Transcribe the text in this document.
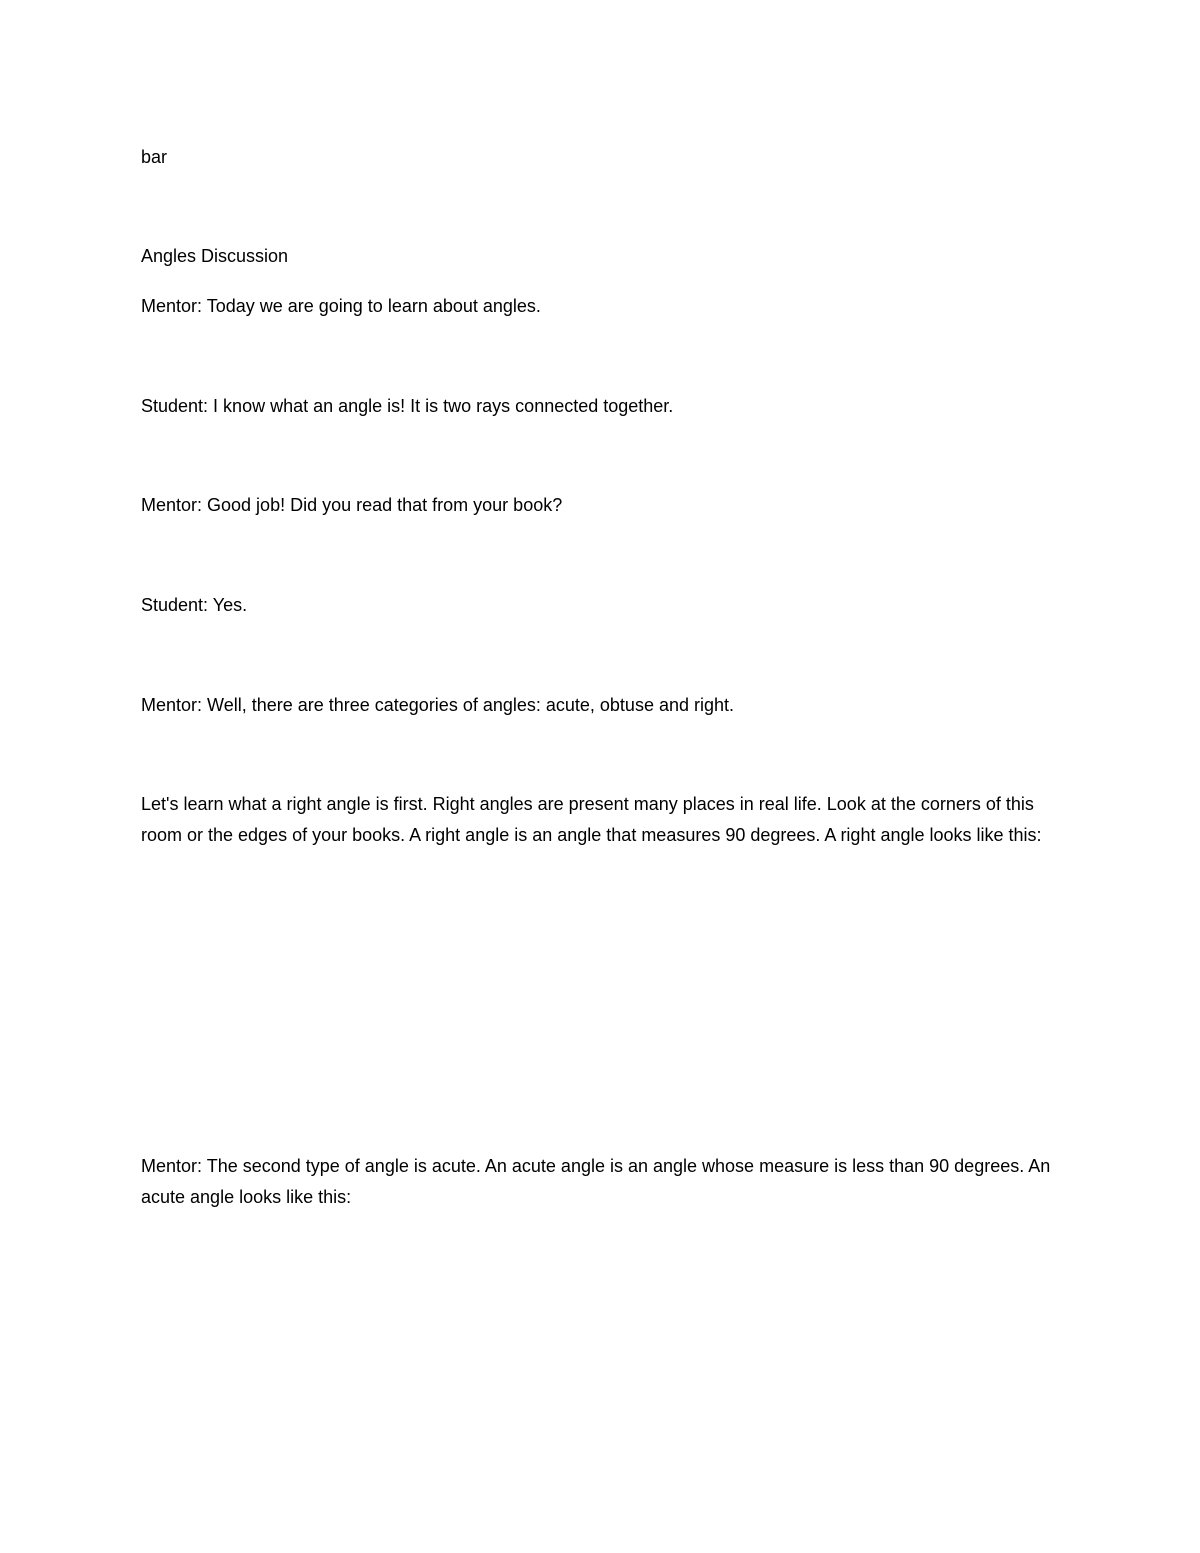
bar

Angles Discussion

Mentor: Today we are going to learn about angles.

Student: I know what an angle is! It is two rays connected together.

Mentor: Good job! Did you read that from your book?

Student: Yes.

Mentor: Well, there are three categories of angles: acute, obtuse and right.

Let's learn what a right angle is first. Right angles are present many places in real life. Look at the corners of this room or the edges of your books. A right angle is an angle that measures 90 degrees. A right angle looks like this:

Mentor: The second type of angle is acute. An acute angle is an angle whose measure is less than 90 degrees. An acute angle looks like this:
